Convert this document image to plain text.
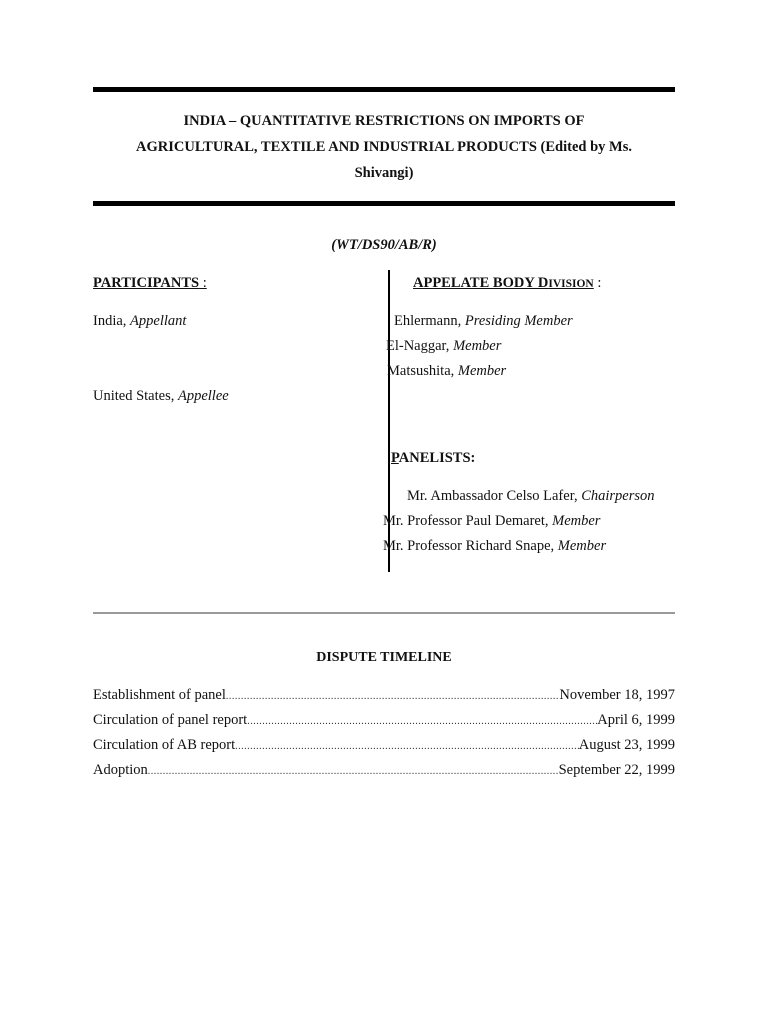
INDIA – QUANTITATIVE RESTRICTIONS ON IMPORTS OF
AGRICULTURAL, TEXTILE AND INDUSTRIAL PRODUCTS (Edited by Ms.
Shivangi)
(WT/DS90/AB/R)
PARTICIPANTS :
India, Appellant
United States, Appellee
APPELATE BODY DIVISION :
Ehlermann, Presiding Member
El-Naggar, Member
Matsushita, Member
PANELISTS:
Mr. Ambassador Celso Lafer, Chairperson
Mr. Professor Paul Demaret, Member
Mr. Professor Richard Snape, Member
DISPUTE TIMELINE
Establishment of panel .....	November 18, 1997
Circulation of panel report .....	April 6, 1999
Circulation of AB report .....	August 23, 1999
Adoption .....	September 22, 1999
